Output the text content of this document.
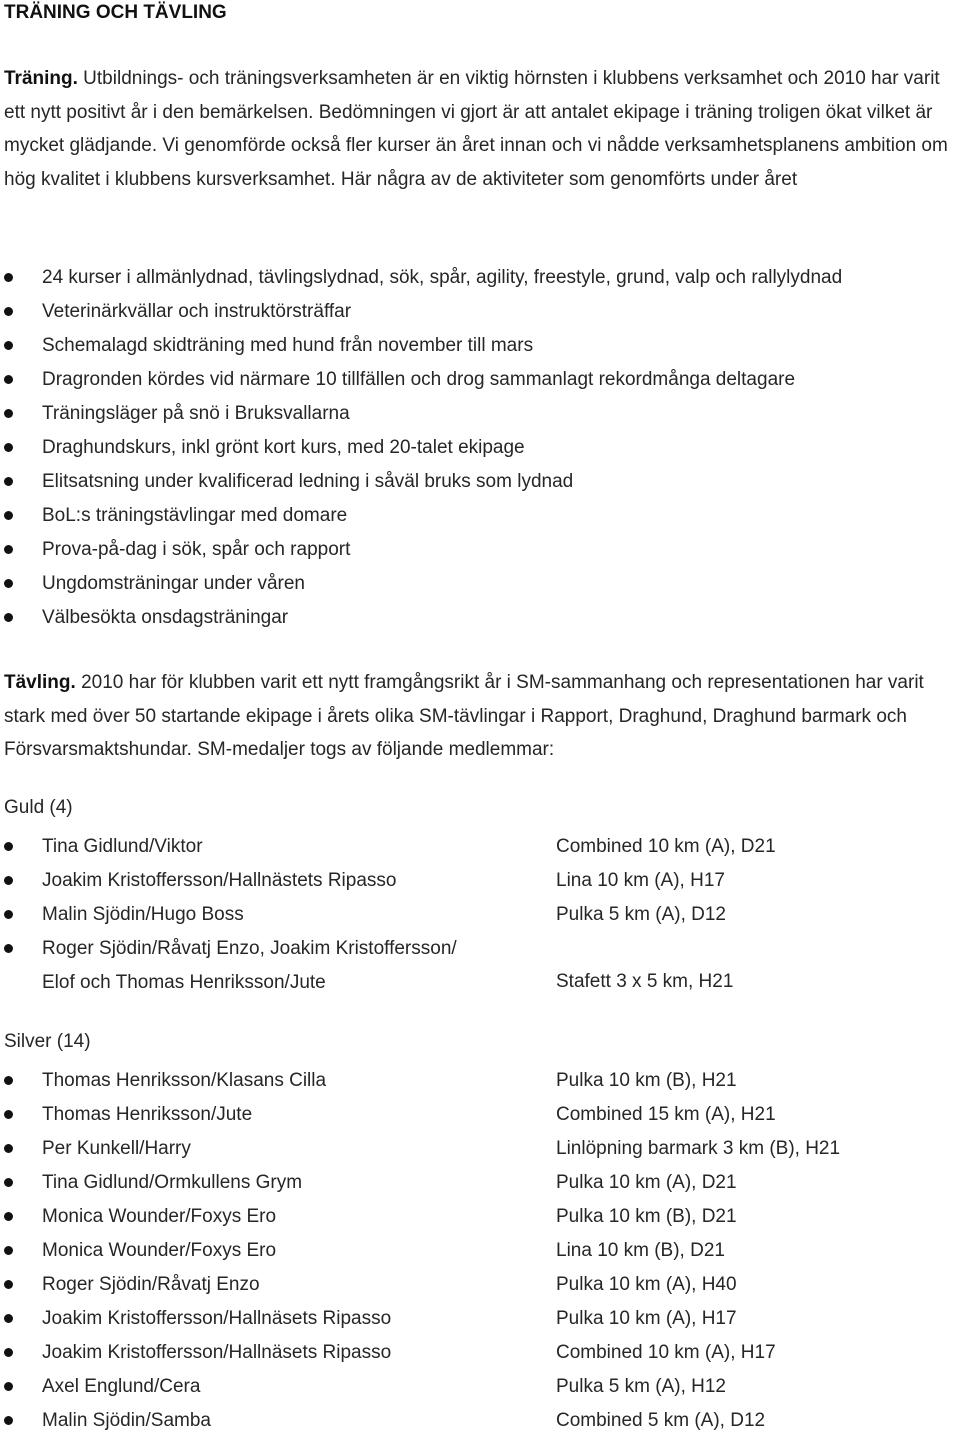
TRÄNING OCH TÄVLING
Träning. Utbildnings- och träningsverksamheten är en viktig hörnsten i klubbens verksamhet och 2010 har varit ett nytt positivt år i den bemärkelsen. Bedömningen vi gjort är att antalet ekipage i träning troligen ökat vilket är mycket glädjande. Vi genomförde också fler kurser än året innan och vi nådde verksamhetsplanens ambition om hög kvalitet i klubbens kursverksamhet. Här några av de aktiviteter som genomförts under året
24 kurser i allmänlydnad, tävlingslydnad, sök, spår, agility, freestyle, grund, valp och rallylydnad
Veterinärkvällar och instruktörsträffar
Schemalagd skidträning med hund från november till mars
Dragronden kördes vid närmare 10 tillfällen och drog sammanlagt rekordmånga deltagare
Träningsläger på snö i Bruksvallarna
Draghundskurs, inkl grönt kort kurs, med 20-talet ekipage
Elitsatsning under kvalificerad ledning i såväl bruks som lydnad
BoL:s träningstävlingar med domare
Prova-på-dag i sök, spår och rapport
Ungdomsträningar under våren
Välbesökta onsdagsträningar
Tävling. 2010 har för klubben varit ett nytt framgångsrikt år i SM-sammanhang och representationen har varit stark med över 50 startande ekipage i årets olika SM-tävlingar i Rapport, Draghund, Draghund barmark och Försvarsmaktshundar. SM-medaljer togs av följande medlemmar:
Guld (4)
Tina Gidlund/Viktor	Combined 10 km (A), D21
Joakim Kristoffersson/Hallnästets Ripasso	Lina 10 km (A), H17
Malin Sjödin/Hugo Boss	Pulka 5 km (A), D12
Roger Sjödin/Råvatj Enzo, Joakim Kristoffersson/
Elof och Thomas Henriksson/Jute	Stafett 3 x 5 km, H21
Silver (14)
Thomas Henriksson/Klasans Cilla	Pulka 10 km (B), H21
Thomas Henriksson/Jute	Combined 15 km (A), H21
Per Kunkell/Harry	Linlöpning barmark 3 km (B), H21
Tina Gidlund/Ormkullens Grym	Pulka 10 km (A), D21
Monica Wounder/Foxys Ero	Pulka 10 km (B), D21
Monica Wounder/Foxys Ero	Lina 10 km (B), D21
Roger Sjödin/Råvatj Enzo	Pulka 10 km (A), H40
Joakim Kristoffersson/Hallnäsets Ripasso	Pulka 10 km (A), H17
Joakim Kristoffersson/Hallnäsets Ripasso	Combined 10 km (A), H17
Axel Englund/Cera	Pulka 5 km (A), H12
Malin Sjödin/Samba	Combined 5 km (A), D12
